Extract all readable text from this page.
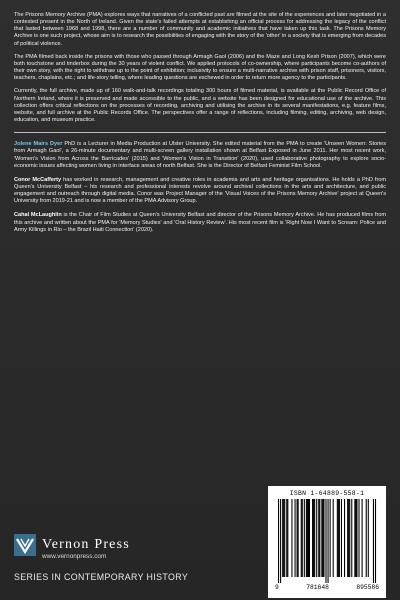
The Prisons Memory Archive (PMA) explores ways that narratives of a conflicted past are filmed at the site of the experiences and later negotiated in a contested present in the North of Ireland. Given the state's failed attempts at establishing an official process for addressing the legacy of the conflict that lasted between 1968 and 1998, there are a number of community and academic initiatives that have taken up this task. The Prisons Memory Archive is one such project, whose aim is to research the possibilities of engaging with the story of the 'other' in a society that is emerging from decades of political violence.

The PMA filmed back inside the prisons with those who passed through Armagh Gaol (2006) and the Maze and Long Kesh Prison (2007), which were both touchstone and tinderbox during the 30 years of violent conflict. We applied protocols of co-ownership, where participants become co-authors of their own story, with the right to withdraw up to the point of exhibition; inclusivity to ensure a multi-narrative archive with prison staff, prisoners, visitors, teachers, chaplains, etc.; and life-story telling, where leading questions are eschewed in order to return more agency to the participants.

Currently, the full archive, made up of 160 walk-and-talk recordings totaling 300 hours of filmed material, is available at the Public Record Office of Northern Ireland, where it is preserved and made accessible to the public, and a website has been designed for educational use of the archive. This collection offers critical reflections on the processes of recording, archiving and utilising the archive in its several manifestations, e.g. feature films, website, and full archive at the Public Records Office. The perspectives offer a range of reflections, including filming, editing, archiving, web design, education, and museum practice.

Jolene Mairs Dyer PhD is a Lecturer in Media Production at Ulster University. She edited material from the PMA to create 'Unseen Women: Stories from Armagh Gaol', a 26-minute documentary and multi-screen gallery installation shown at Belfast Exposed in June 2011. Her most recent work, 'Women's Vision from Across the Barricades' (2015) and 'Women's Vision in Transition' (2020), used collaborative photography to explore socio-economic issues affecting women living in interface areas of north Belfast. She is the Director of Belfast Feminist Film School.

Conor McCafferty has worked in research, management and creative roles in academia and arts and heritage organisations. He holds a PhD from Queen's University Belfast – his research and professional interests revolve around archival collections in the arts and architecture, and public engagement and outreach through digital media. Conor was Project Manager of the 'Visual Voices of the Prisons Memory Archive' project at Queen's University from 2019-21 and is now a member of the PMA Advisory Group.

Cahal McLaughlin is the Chair of Film Studies at Queen's University Belfast and director of the Prisons Memory Archive. He has produced films from this archive and written about the PMA for 'Memory Studies' and 'Oral History Review'. His most recent film is 'Right Now I Want to Scream: Police and Army Killings in Rio – the Brazil Haiti Connection' (2020).

Vernon Press
www.vernonpress.com
SERIES IN CONTEMPORARY HISTORY
ISBN 1-64889-558-1
9	781648	895586
